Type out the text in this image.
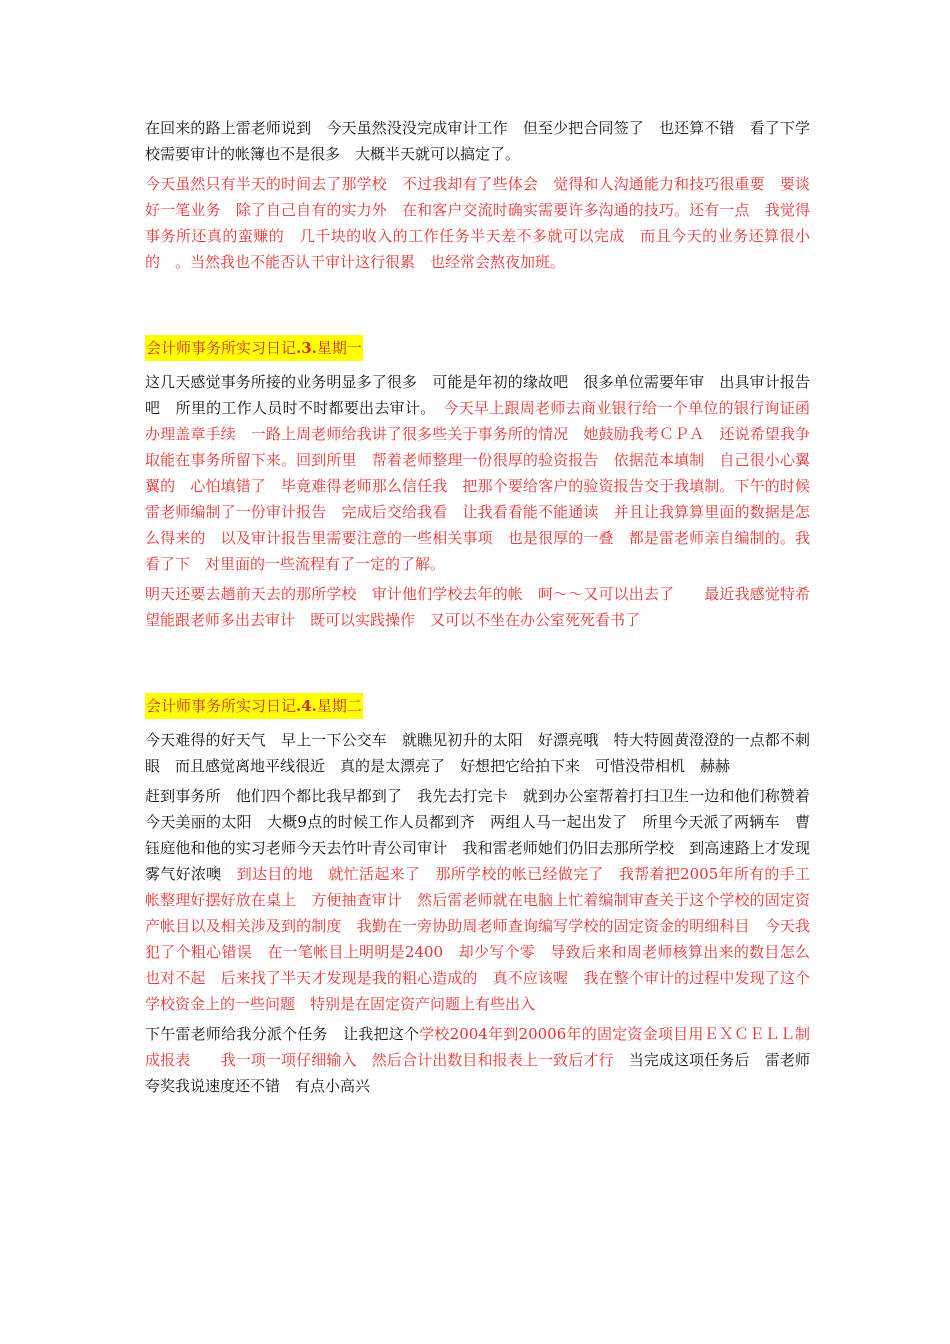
在回来的路上雷老师说到　今天虽然没没完成审计工作　但至少把合同签了　也还算不错　看了下学校需要审计的帐簿也不是很多　大概半天就可以搞定了。

今天虽然只有半天的时间去了那学校　不过我却有了些体会　觉得和人沟通能力和技巧很重要　要谈好一笔业务　除了自己自有的实力外　在和客户交流时确实需要许多沟通的技巧。还有一点　我觉得事务所还真的蛮赚的　几千块的收入的工作任务半天差不多就可以完成　而且今天的业务还算很小的　。当然我也不能否认干审计这行很累　也经常会熬夜加班。

会计师事务所实习日记.3.星期一

这几天感觉事务所接的业务明显多了很多　可能是年初的缘故吧　很多单位需要年审　出具审计报告吧　所里的工作人员时不时都要出去审计。　今天早上跟周老师去商业银行给一个单位的银行询证函办理盖章手续　一路上周老师给我讲了很多些关于事务所的情况　她鼓励我考ＣＰＡ　还说希望我争取能在事务所留下来。回到所里　帮着老师整理一份很厚的验资报告　依据范本填制　自己很小心翼翼的　心怕填错了　毕竟难得老师那么信任我　把那个要给客户的验资报告交于我填制。下午的时候雷老师编制了一份审计报告　完成后交给我看　让我看看能不能通读　并且让我算算里面的数据是怎么得来的　以及审计报告里需要注意的一些相关事项　也是很厚的一叠　都是雷老师亲自编制的。我看了下　对里面的一些流程有了一定的了解。

明天还要去趟前天去的那所学校　审计他们学校去年的帐　呵～～又可以出去了　　最近我感觉特希望能跟老师多出去审计　既可以实践操作　又可以不坐在办公室死死看书了

会计师事务所实习日记.4.星期二

今天难得的好天气　早上一下公交车　就瞧见初升的太阳　好漂亮哦　特大特圆黄澄澄的一点都不刺眼　而且感觉离地平线很近　真的是太漂亮了　好想把它给拍下来　可惜没带相机　赫赫

赶到事务所　他们四个都比我早都到了　我先去打完卡　就到办公室帮着打扫卫生一边和他们称赞着今天美丽的太阳　大概9点的时候工作人员都到齐　两组人马一起出发了　所里今天派了两辆车　曹钰庭他和他的实习老师今天去竹叶青公司审计　我和雷老师她们仍旧去那所学校　到高速路上才发现雾气好浓噢　到达目的地　就忙活起来了　那所学校的帐已经做完了　我帮着把2005年所有的手工帐整理好摆好放在桌上　方便抽查审计　然后雷老师就在电脑上忙着编制审查关于这个学校的固定资产帐目以及相关涉及到的制度　我勤在一旁协助周老师查询编写学校的固定资金的明细科目　今天我犯了个粗心错误　在一笔帐目上明明是2400　却少写个零　导致后来和周老师核算出来的数目怎么也对不起　后来找了半天才发现是我的粗心造成的　真不应该喔　我在整个审计的过程中发现了这个学校资金上的一些问题　特别是在固定资产问题上有些出入

下午雷老师给我分派个任务　让我把这个学校2004年到20006年的固定资金项目用ＥＸＣＥＬＬ制成报表　　我一项一项仔细输入　然后合计出数目和报表上一致后才行　当完成这项任务后　雷老师夸奖我说速度还不错　有点小高兴
